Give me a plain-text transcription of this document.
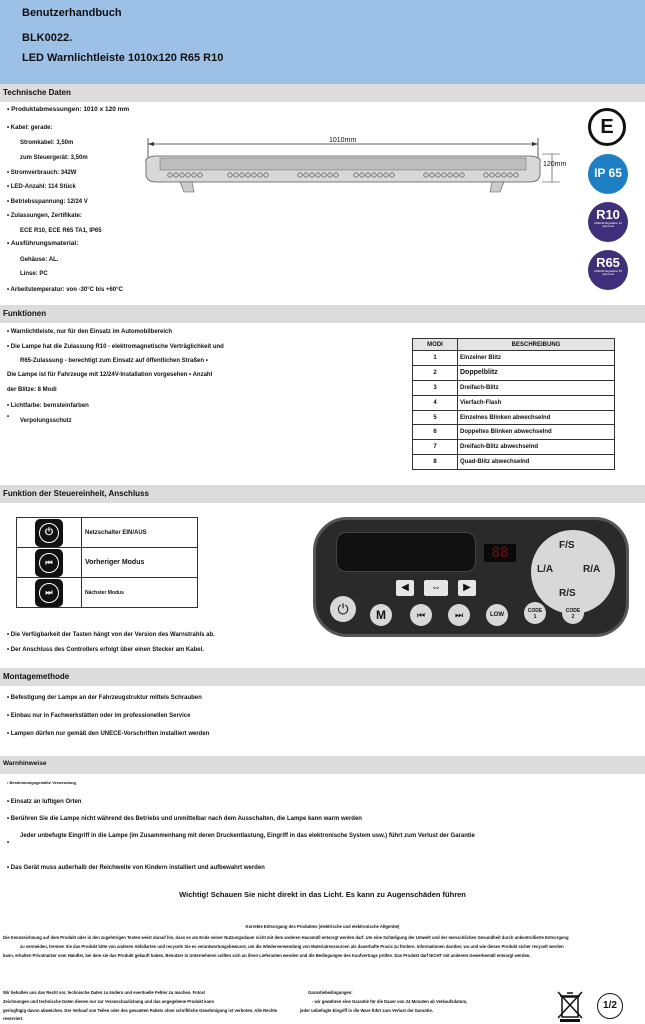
Benutzerhandbuch
BLK0022.
LED Warnlichtleiste 1010x120 R65 R10
Technische Daten
• Produktabmessungen: 1010 x 120 mm
• Kabel: gerade:
Stromkabel: 3,50m
zum Steuergerät: 3,50m
• Stromverbrauch: 342W
• LED-Anzahl: 114 Stück
• Betriebsspannung: 12/24 V
• Zulassungen, Zertifikate:
ECE R10, ECE R65 TA1, IP65
• Ausführungsmaterial:
Gehäuse: AL.
Linse: PC
• Arbeitstemperatur: von -30°C bis +60°C
1010mm
120mm
E
IP 65
R10
UNECE Regulation 10 Approved
R65
UNECE Regulation 65 Approved
Funktionen
• Warnlichtleiste, nur für den Einsatz im Automobilbereich
• Die Lampe hat die Zulassung R10 - elektromagnetische Verträglichkeit und
R65-Zulassung - berechtigt zum Einsatz auf öffentlichen Straßen •
Die Lampe ist für Fahrzeuge mit 12/24V-Installation vorgesehen • Anzahl
der Blitze: 8 Modi
• Lichtfarbe: bernsteinfarben
•
Verpolungsschutz
MODI	BESCHREIBUNG
1	Einzelner Blitz
2	Doppelblitz
3	Dreifach-Blitz
4	Vierfach-Flash
5	Einzelnes Blinken abwechselnd
6	Doppeltes Blinken abwechselnd
7	Dreifach-Blitz abwechselnd
8	Quad-Blitz abwechselnd
Funktion der Steuereinheit, Anschluss
⏻	Netzschalter EIN/AUS

⏮	Vorheriger Modus

⏭	Nächster Modus
88	F/S
L/A	R/A
R/S
◀	⇔	▶
⏻	M	⏮	⏭	LOW
CODE
1
CODE
2
• Die Verfügbarkeit der Tasten hängt von der Version des Warnstrahls ab.
• Der Anschluss des Controllers erfolgt über einen Stecker am Kabel.
Montagemethode
• Befestigung der Lampe an der Fahrzeugstruktur mittels Schrauben
• Einbau nur in Fachwerkstätten oder im professionellen Service
• Lampen dürfen nur gemäß den UNECE-Vorschriften installiert werden
Warnhinweise
• Bestimmungsgemäße Verwendung
• Einsatz an luftigen Orten
• Berühren Sie die Lampe nicht während des Betriebs und unmittelbar nach dem Ausschalten, die Lampe kann warm werden
Jeder unbefugte Eingriff in die Lampe (im Zusammenhang mit deren Druckentlastung, Eingriff in das elektronische System usw.) führt zum Verlust der Garantie
•
• Das Gerät muss außerhalb der Reichweite von Kindern installiert und aufbewahrt werden
Wichtig! Schauen Sie nicht direkt in das Licht. Es kann zu Augenschäden führen
Korrekte Entsorgung des Produktes (elektrische und elektronische Altgeräte)
Die Kennzeichnung auf dem Produkt oder in den zugehörigen Texten weist darauf hin, dass es am Ende seiner Nutzungsdauer nicht mit dem anderen Hausmüll entsorgt werden darf. Um eine Schädigung der Umwelt und der menschlichen Gesundheit durch unkontrollierte Entsorgung
zu vermeiden, trennen Sie das Produkt bitte von anderen Abfallarten und recyceln Sie es verantwortungsbewusst, um die Wiederverwendung von Materialressourcen als dauerhafte Praxis zu fördern. Informationen darüber, wo und wie dieses Produkt sicher recycelt werden
kann, erhalten Privatnutzer vom Händler, bei dem sie das Produkt gekauft haben. Benutzer in Unternehmen sollten sich an ihren Lieferanten wenden und die Bedingungen des Kaufvertrags prüfen. Das Produkt darf NICHT mit anderem Gewerbemüll entsorgt werden.
Wir behalten uns das Recht vor, technische Daten zu ändern und eventuelle Fehler zu machen. Fotos/
Zeichnungen und technische Daten dienen nur zur Veranschaulichung und das angegebene Produkt kann
geringfügig davon abweichen. Der Verkauf von Teilen oder des gesamten Pakets ohne schriftliche Genehmigung ist verboten. Alle Rechte
reserviert.
Garantiebedingungen:
- wir gewähren eine Garantie für die Dauer von 24 Monaten ab Verkaufsdatum,
jeder unbefugte Eingriff in die Ware führt zum Verlust der Garantie.	1/2
